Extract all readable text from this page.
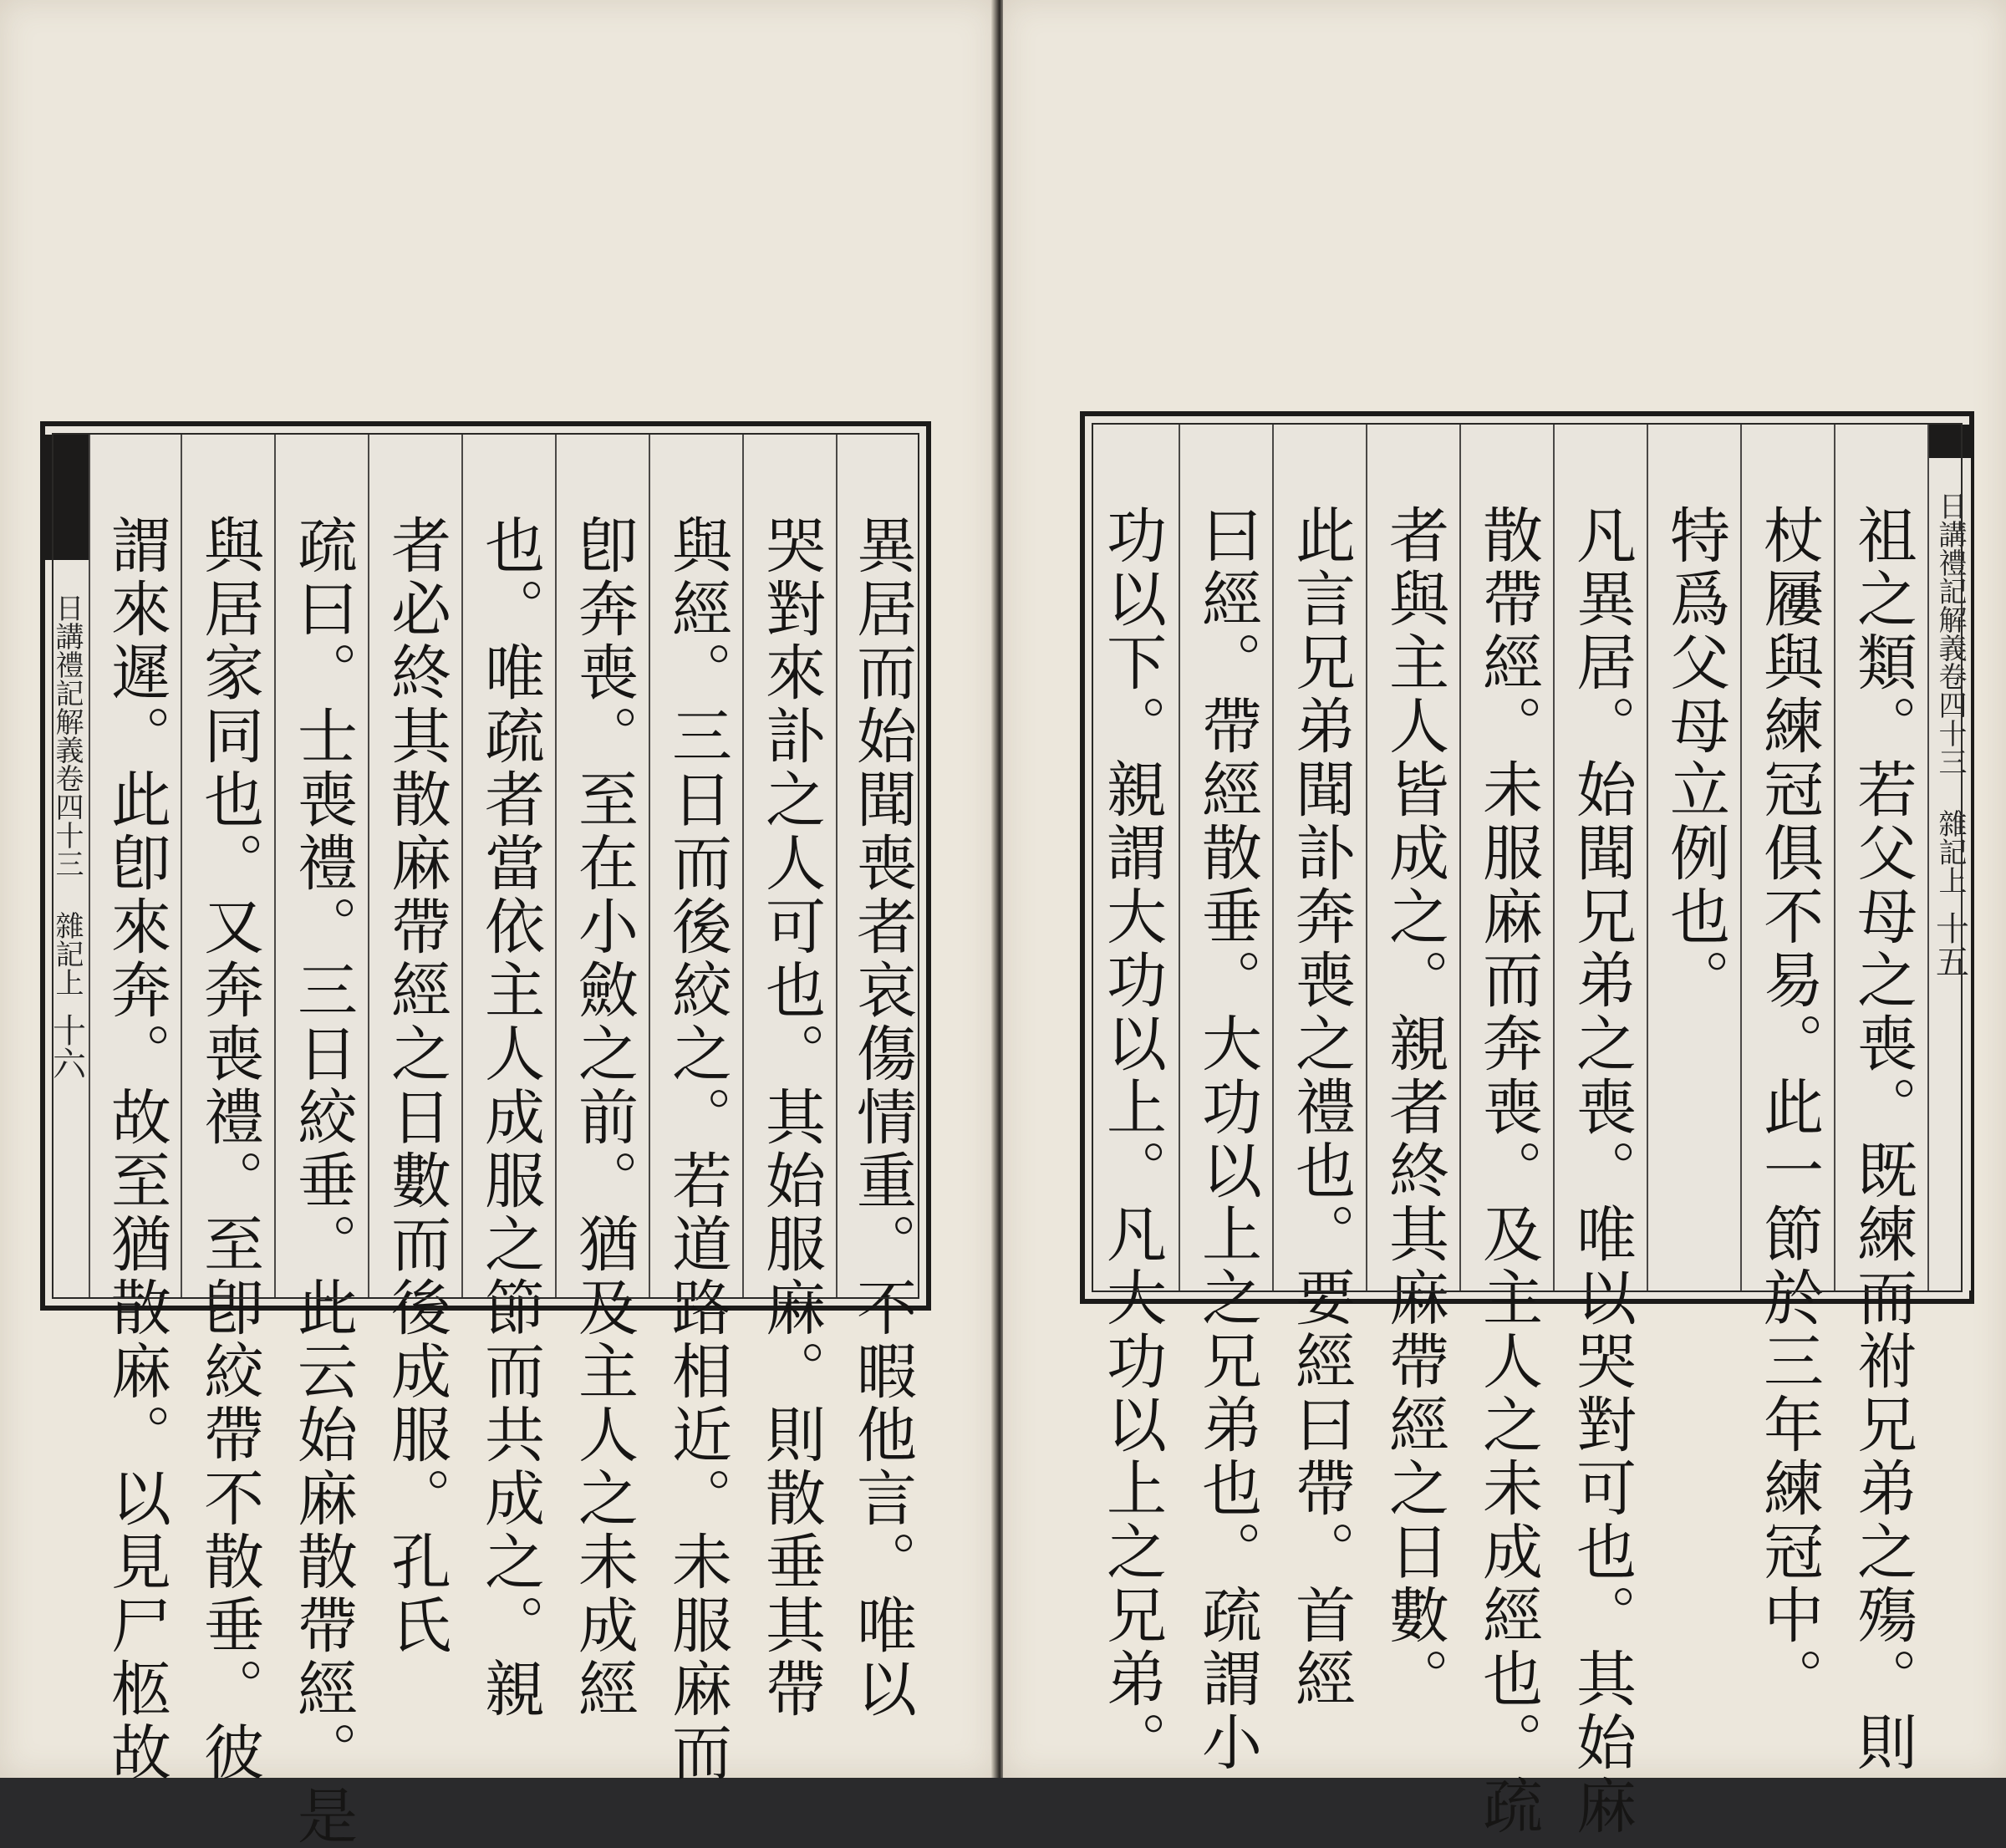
日講禮記解義卷四十三
雜記上
十六 謂來遲。此卽來奔。故至猶散麻。以見尸柩故 與居家同也。又奔喪禮。至卽絞帶不散垂。彼 疏曰。士喪禮。三日絞垂。此云始麻散帶經。是 者必終其散麻帶經之日數而後成服。孔氏 也。唯疏者當依主人成服之節而共成之。親 卽奔喪。至在小斂之前。猶及主人之未成經 與經。三日而後絞之。若道路相近。未服麻而 哭對來訃之人可也。其始服麻。則散垂其帶 異居而始聞喪者哀傷情重。不暇他言。唯以	功以下。親謂大功以上。凡大功以上之兄弟。 曰經。帶經散垂。大功以上之兄弟也。疏謂小 此言兄弟聞訃奔喪之禮也。要經曰帶。首經 者與主人皆成之。親者終其麻帶經之日數。 散帶經。未服麻而奔喪。及主人之未成經也。疏 凡異居。始聞兄弟之喪。唯以哭對可也。其始麻 特爲父母立例也。 杖屨與練冠俱不易。此一節於三年練冠中。 祖之類。若父母之喪。既練而祔兄弟之殤。則 日講禮記解義卷四十三
雜記上
十五
